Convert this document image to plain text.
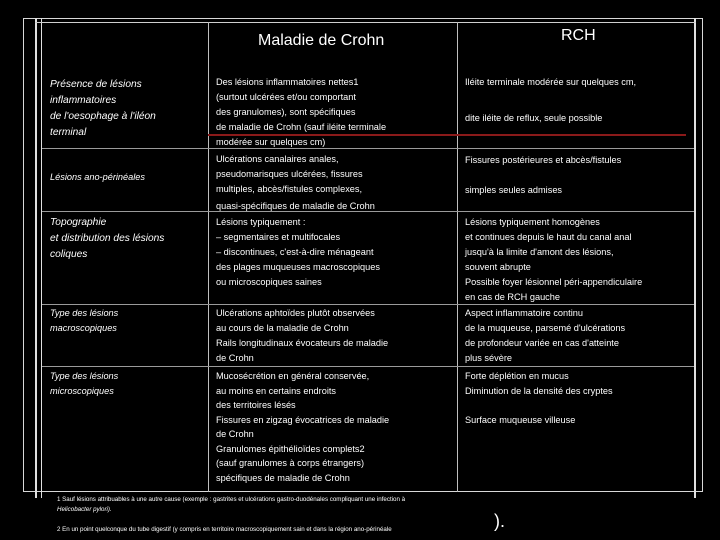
Maladie de Crohn	RCH
Présence de lésions
inflammatoires
de l'oesophage à l'iléon
terminal
Des lésions inflammatoires nettes1
(surtout ulcérées et/ou comportant
des granulomes), sont spécifiques
de maladie de Crohn (sauf iléite terminale
modérée sur quelques cm)
Iléite terminale modérée sur quelques cm,
dite iléite de reflux, seule possible
Lésions ano-périnéales
Ulcérations canalaires anales,
pseudomarisques ulcérées, fissures
multiples, abcès/fistules complexes,
quasi-spécifiques de maladie de Crohn
Fissures postérieures et abcès/fistules
simples seules admises
Topographie
et distribution des lésions
coliques
Lésions typiquement :
– segmentaires et multifocales
– discontinues, c'est-à-dire ménageant
des plages muqueuses macroscopiques
ou microscopiques saines
Lésions typiquement homogènes
et continues depuis le haut du canal anal
jusqu'à la limite d'amont des lésions,
souvent abrupte
Possible foyer lésionnel péri-appendiculaire
en cas de RCH gauche
Type des lésions
macroscopiques
Ulcérations aphtoïdes plutôt observées
au cours de la maladie de Crohn
Rails longitudinaux évocateurs de maladie
de Crohn
Aspect inflammatoire continu
de la muqueuse, parsemé d'ulcérations
de profondeur variée en cas d'atteinte
plus sévère
Type des lésions
microscopiques
Mucosécrétion en général conservée,
au moins en certains endroits
des territoires lésés
Fissures en zigzag évocatrices de maladie
de Crohn
Granulomes épithélioïdes complets2
(sauf granulomes à corps étrangers)
spécifiques de maladie de Crohn
Forte déplétion en mucus
Diminution de la densité des cryptes
Surface muqueuse villeuse
1 Sauf lésions attribuables à une autre cause (exemple : gastrites et ulcérations gastro-duodénales compliquant une infection à
Helicobacter pylori).
2 En un point quelconque du tube digestif (y compris en territoire macroscopiquement sain et dans la région ano-périnéale	).
